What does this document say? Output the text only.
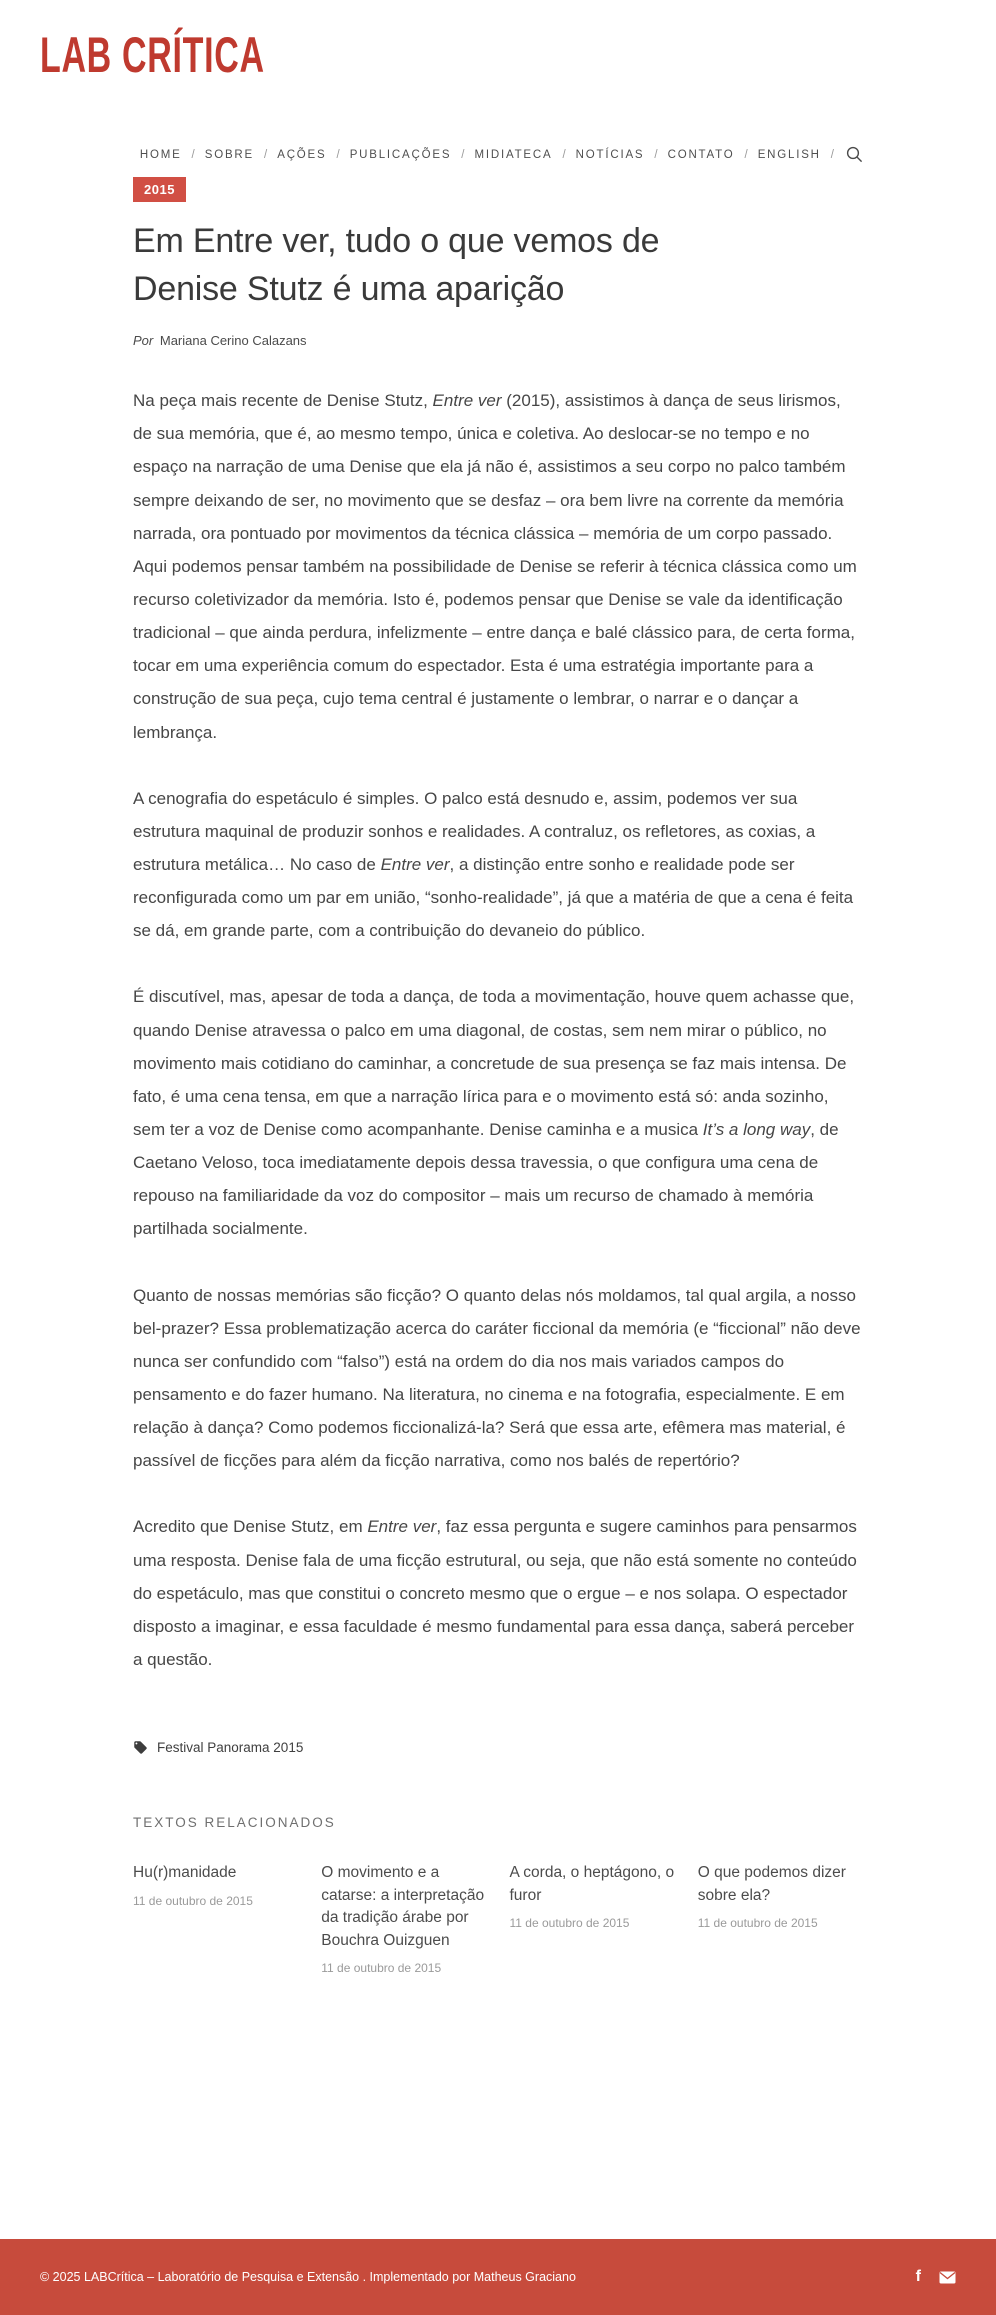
LAB CRÍTICA
HOME / SOBRE / AÇÕES / PUBLICAÇÕES / MIDIATECA / NOTÍCIAS / CONTATO / ENGLISH /
2015
Em Entre ver, tudo o que vemos de Denise Stutz é uma aparição
Por Mariana Cerino Calazans

Na peça mais recente de Denise Stutz, Entre ver (2015), assistimos à dança de seus lirismos, de sua memória, que é, ao mesmo tempo, única e coletiva. Ao deslocar-se no tempo e no espaço na narração de uma Denise que ela já não é, assistimos a seu corpo no palco também sempre deixando de ser, no movimento que se desfaz – ora bem livre na corrente da memória narrada, ora pontuado por movimentos da técnica clássica – memória de um corpo passado. Aqui podemos pensar também na possibilidade de Denise se referir à técnica clássica como um recurso coletivizador da memória. Isto é, podemos pensar que Denise se vale da identificação tradicional – que ainda perdura, infelizmente – entre dança e balé clássico para, de certa forma, tocar em uma experiência comum do espectador. Esta é uma estratégia importante para a construção de sua peça, cujo tema central é justamente o lembrar, o narrar e o dançar a lembrança.

A cenografia do espetáculo é simples. O palco está desnudo e, assim, podemos ver sua estrutura maquinal de produzir sonhos e realidades. A contraluz, os refletores, as coxias, a estrutura metálica… No caso de Entre ver, a distinção entre sonho e realidade pode ser reconfigurada como um par em união, “sonho-realidade”, já que a matéria de que a cena é feita se dá, em grande parte, com a contribuição do devaneio do público.

É discutível, mas, apesar de toda a dança, de toda a movimentação, houve quem achasse que, quando Denise atravessa o palco em uma diagonal, de costas, sem nem mirar o público, no movimento mais cotidiano do caminhar, a concretude de sua presença se faz mais intensa. De fato, é uma cena tensa, em que a narração lírica para e o movimento está só: anda sozinho, sem ter a voz de Denise como acompanhante. Denise caminha e a musica It’s a long way, de Caetano Veloso, toca imediatamente depois dessa travessia, o que configura uma cena de repouso na familiaridade da voz do compositor – mais um recurso de chamado à memória partilhada socialmente.

Quanto de nossas memórias são ficção? O quanto delas nós moldamos, tal qual argila, a nosso bel-prazer? Essa problematização acerca do caráter ficcional da memória (e “ficcional” não deve nunca ser confundido com “falso”) está na ordem do dia nos mais variados campos do pensamento e do fazer humano. Na literatura, no cinema e na fotografia, especialmente. E em relação à dança? Como podemos ficcionalizá-la? Será que essa arte, efêmera mas material, é passível de ficções para além da ficção narrativa, como nos balés de repertório?

Acredito que Denise Stutz, em Entre ver, faz essa pergunta e sugere caminhos para pensarmos uma resposta. Denise fala de uma ficção estrutural, ou seja, que não está somente no conteúdo do espetáculo, mas que constitui o concreto mesmo que o ergue – e nos solapa. O espectador disposto a imaginar, e essa faculdade é mesmo fundamental para essa dança, saberá perceber a questão.

Festival Panorama 2015
TEXTOS RELACIONADOS
Hu(r)manidade
11 de outubro de 2015
O movimento e a catarse: a interpretação da tradição árabe por Bouchra Ouizguen
11 de outubro de 2015
A corda, o heptágono, o furor
11 de outubro de 2015
O que podemos dizer sobre ela?
11 de outubro de 2015
© 2025 LABCrítica – Laboratório de Pesquisa e Extensão . Implementado por Matheus Graciano	f
